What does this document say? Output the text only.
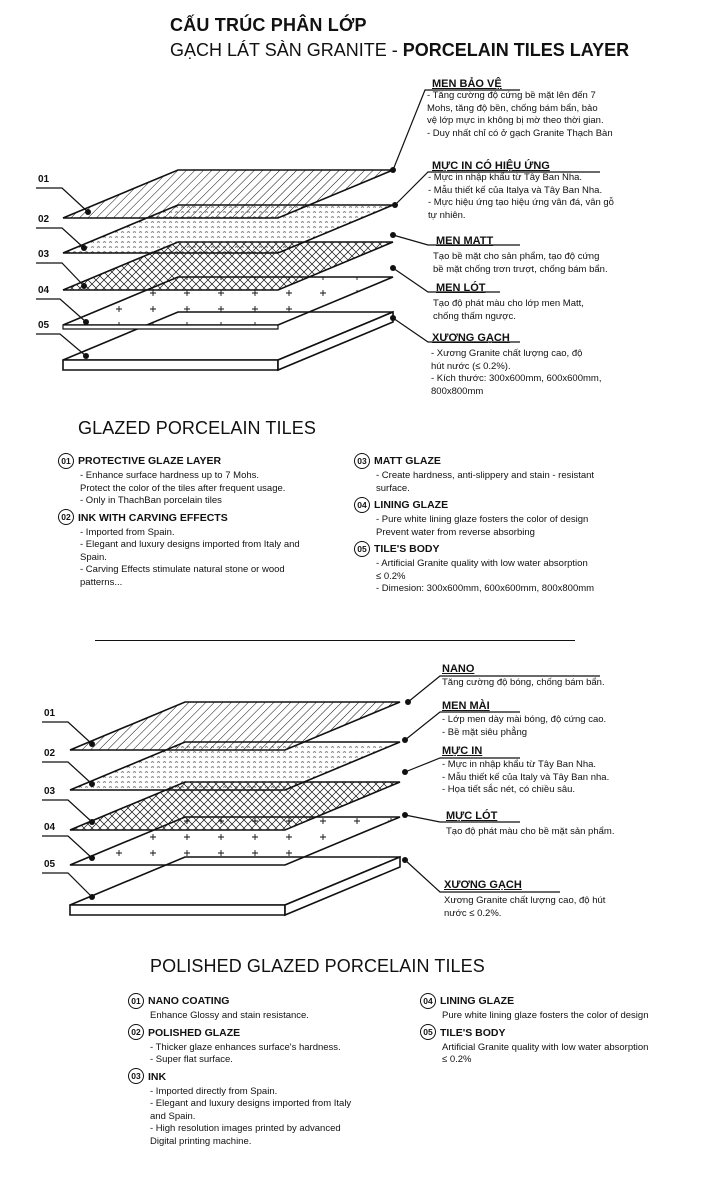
CẤU TRÚC PHÂN LỚP
GẠCH LÁT SÀN GRANITE - PORCELAIN TILES LAYER
01
02
03
04
05
MEN BẢO VỆ
- Tăng cường độ cứng bề mặt lên đến 7
Mohs, tăng độ bền, chống bám bẩn, bảo
vệ lớp mực in không bị mờ theo thời gian.
- Duy nhất chỉ có ở gạch Granite Thạch Bàn
MỰC IN CÓ HIỆU ỨNG
- Mực in nhập khẩu từ Tây Ban Nha.
- Mẫu thiết kế của Italya và Tây Ban Nha.
- Mực hiệu ứng tạo hiệu ứng vân đá, vân gỗ
tự nhiên.
MEN MATT
Tạo bề mặt cho sản phẩm, tạo độ cứng
bề mặt chống trơn trượt, chống bám bẩn.
MEN LÓT
Tạo độ phát màu cho lớp men Matt,
chống thấm ngược.
XƯƠNG GẠCH
- Xương Granite chất lượng cao, độ
hút nước (≤ 0.2%).
- Kích thước: 300x600mm, 600x600mm,
800x800mm
GLAZED PORCELAIN TILES
01 PROTECTIVE GLAZE LAYER
- Enhance surface hardness up to 7 Mohs.
Protect the color of the tiles after frequent usage.
- Only in ThachBan porcelain tiles
02 INK WITH CARVING EFFECTS
- Imported from Spain.
- Elegant and luxury designs imported from Italy and
Spain.
- Carving Effects stimulate natural stone or wood
patterns...
03 MATT GLAZE
- Create hardness, anti-slippery and stain - resistant
surface.
04 LINING GLAZE
- Pure white lining glaze fosters the color of design
Prevent water from reverse absorbing
05 TILE'S BODY
- Artificial Granite quality with low water absorption
≤ 0.2%
- Dimesion: 300x600mm, 600x600mm, 800x800mm
01
02
03
04
05
NANO
Tăng cường độ bóng, chống bám bẩn.
MEN MÀI
- Lớp men dày mài bóng, độ cứng cao.
- Bề mặt siêu phẳng
MỰC IN
- Mực in nhập khẩu từ Tây Ban Nha.
- Mẫu thiết kế của Italy và Tây Ban nha.
- Họa tiết sắc nét, có chiều sâu.
MỰC LÓT
Tạo độ phát màu cho bề mặt sản phẩm.
XƯƠNG GẠCH
Xương Granite chất lượng cao, độ hút
nước ≤ 0.2%.
POLISHED GLAZED PORCELAIN TILES
01 NANO COATING
Enhance Glossy and stain resistance.
02 POLISHED GLAZE
- Thicker glaze enhances surface's hardness.
- Super flat surface.
03 INK
- Imported directly from Spain.
- Elegant and luxury designs imported from Italy
and Spain.
- High resolution images printed by advanced
Digital printing machine.
04 LINING GLAZE
Pure white lining glaze fosters the color of design
05 TILE'S BODY
Artificial Granite quality with low water absorption
≤ 0.2%
